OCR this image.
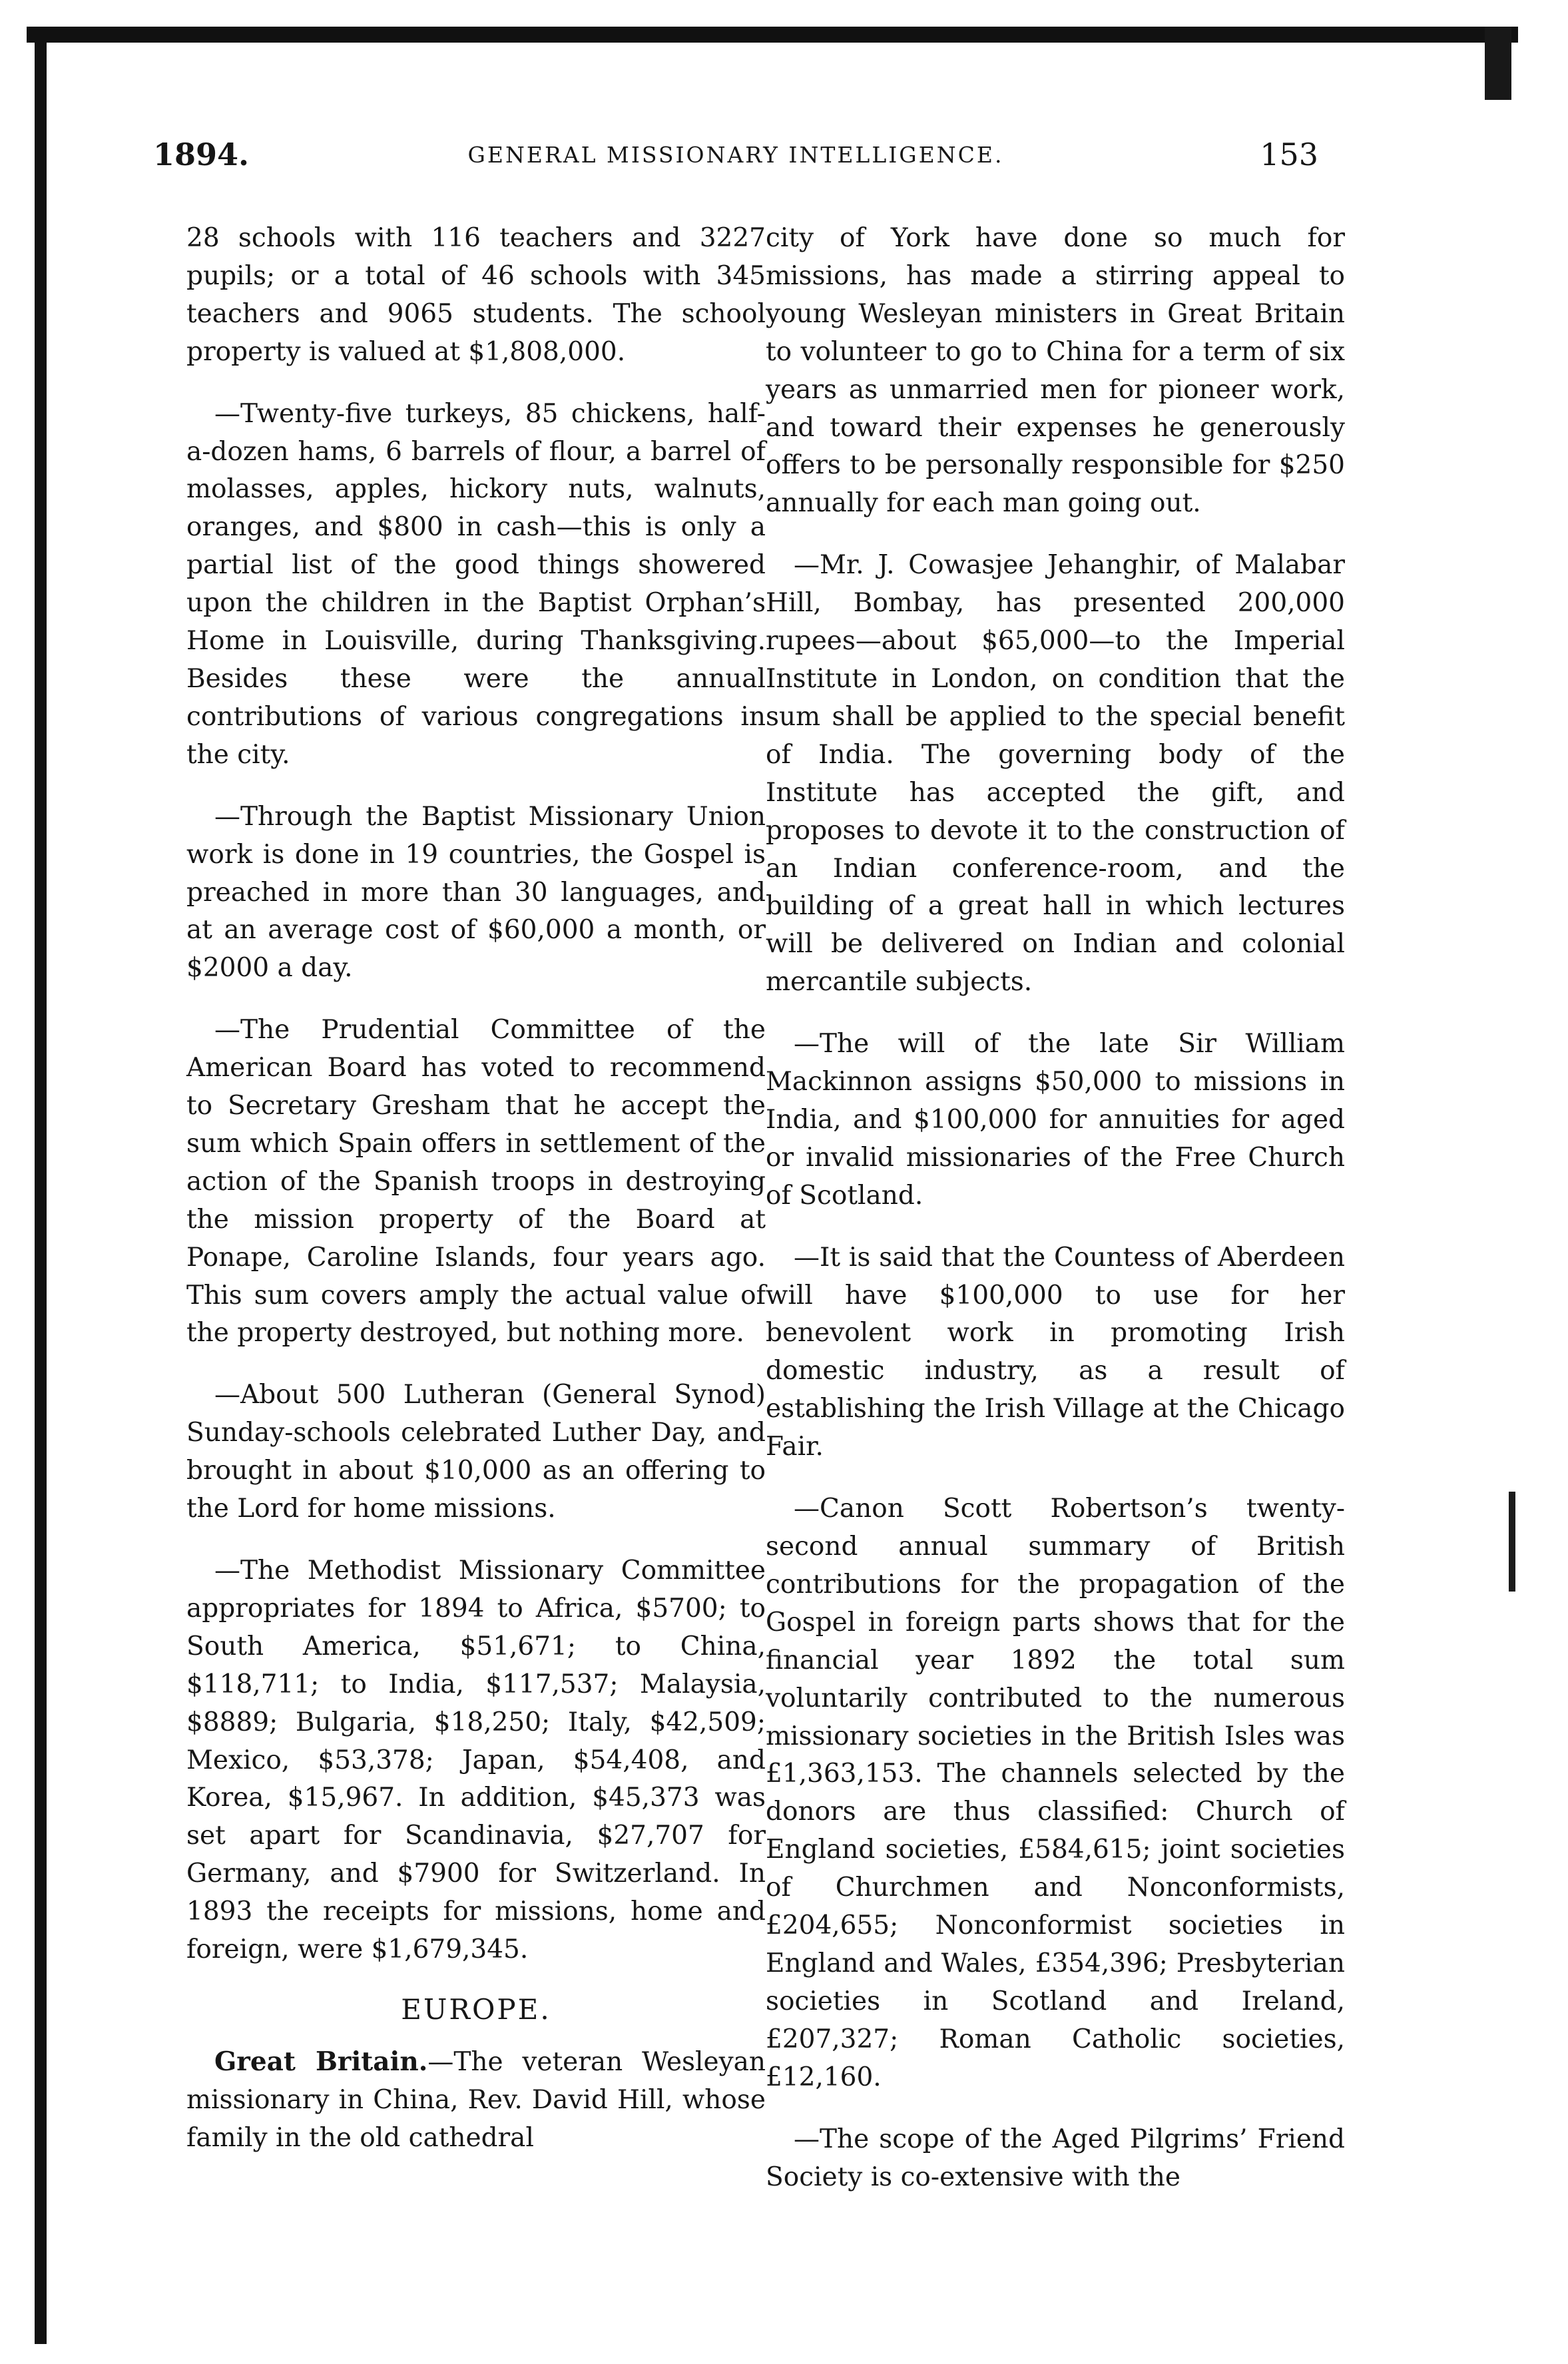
1894.	GENERAL MISSIONARY INTELLIGENCE.	153

28 schools with 116 teachers and 3227 pupils; or a total of 46 schools with 345 teachers and 9065 students. The school property is valued at $1,808,000.

—Twenty-five turkeys, 85 chickens, half-a-dozen hams, 6 barrels of flour, a barrel of molasses, apples, hickory nuts, walnuts, oranges, and $800 in cash—this is only a partial list of the good things showered upon the children in the Baptist Orphan’s Home in Louisville, during Thanksgiving. Besides these were the annual contributions of various congregations in the city.

—Through the Baptist Missionary Union work is done in 19 countries, the Gospel is preached in more than 30 languages, and at an average cost of $60,000 a month, or $2000 a day.

—The Prudential Committee of the American Board has voted to recommend to Secretary Gresham that he accept the sum which Spain offers in settlement of the action of the Spanish troops in destroying the mission property of the Board at Ponape, Caroline Islands, four years ago. This sum covers amply the actual value of the property destroyed, but nothing more.

—About 500 Lutheran (General Synod) Sunday-schools celebrated Luther Day, and brought in about $10,000 as an offering to the Lord for home missions.

—The Methodist Missionary Committee appropriates for 1894 to Africa, $5700; to South America, $51,671; to China, $118,711; to India, $117,537; Malaysia, $8889; Bulgaria, $18,250; Italy, $42,509; Mexico, $53,378; Japan, $54,408, and Korea, $15,967. In addition, $45,373 was set apart for Scandinavia, $27,707 for Germany, and $7900 for Switzerland. In 1893 the receipts for missions, home and foreign, were $1,679,345.

EUROPE.

Great Britain.—The veteran Wesleyan missionary in China, Rev. David Hill, whose family in the old cathedral

city of York have done so much for missions, has made a stirring appeal to young Wesleyan ministers in Great Britain to volunteer to go to China for a term of six years as unmarried men for pioneer work, and toward their expenses he generously offers to be personally responsible for $250 annually for each man going out.

—Mr. J. Cowasjee Jehanghir, of Malabar Hill, Bombay, has presented 200,000 rupees—about $65,000—to the Imperial Institute in London, on condition that the sum shall be applied to the special benefit of India. The governing body of the Institute has accepted the gift, and proposes to devote it to the construction of an Indian conference-room, and the building of a great hall in which lectures will be delivered on Indian and colonial mercantile subjects.

—The will of the late Sir William Mackinnon assigns $50,000 to missions in India, and $100,000 for annuities for aged or invalid missionaries of the Free Church of Scotland.

—It is said that the Countess of Aberdeen will have $100,000 to use for her benevolent work in promoting Irish domestic industry, as a result of establishing the Irish Village at the Chicago Fair.

—Canon Scott Robertson’s twenty-second annual summary of British contributions for the propagation of the Gospel in foreign parts shows that for the financial year 1892 the total sum voluntarily contributed to the numerous missionary societies in the British Isles was £1,363,153. The channels selected by the donors are thus classified: Church of England societies, £584,615; joint societies of Churchmen and Nonconformists, £204,655; Nonconformist societies in England and Wales, £354,396; Presbyterian societies in Scotland and Ireland, £207,327; Roman Catholic societies, £12,160.

—The scope of the Aged Pilgrims’ Friend Society is co-extensive with the
